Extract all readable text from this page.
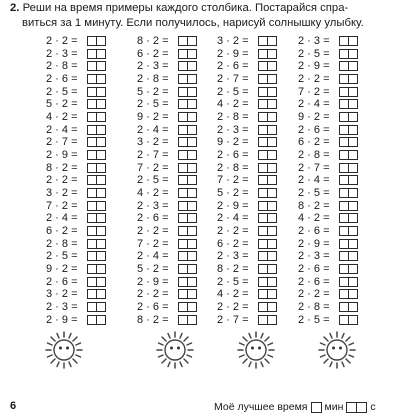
2. Реши на время примеры каждого столбика. Постарайся спра-
виться за 1 минуту. Если получилось, нарисуй солнышку улыбку.
2 · 2 =
2 · 3 =
2 · 8 =
2 · 6 =
2 · 5 =
5 · 2 =
4 · 2 =
2 · 4 =
2 · 7 =
2 · 9 =
8 · 2 =
2 · 2 =
3 · 2 =
7 · 2 =
2 · 4 =
6 · 2 =
2 · 8 =
2 · 5 =
9 · 2 =
2 · 6 =
3 · 2 =
2 · 3 =
2 · 9 =
8 · 2 =
6 · 2 =
2 · 3 =
2 · 8 =
5 · 2 =
2 · 5 =
9 · 2 =
2 · 4 =
3 · 2 =
2 · 7 =
7 · 2 =
2 · 5 =
4 · 2 =
2 · 3 =
2 · 6 =
2 · 2 =
7 · 2 =
2 · 4 =
5 · 2 =
2 · 9 =
2 · 2 =
2 · 6 =
8 · 2 =
3 · 2 =
2 · 9 =
2 · 6 =
2 · 7 =
2 · 5 =
4 · 2 =
2 · 8 =
2 · 3 =
9 · 2 =
2 · 6 =
2 · 8 =
7 · 2 =
5 · 2 =
2 · 9 =
2 · 4 =
2 · 2 =
6 · 2 =
2 · 3 =
8 · 2 =
2 · 5 =
4 · 2 =
2 · 2 =
2 · 7 =
2 · 3 =
2 · 5 =
2 · 9 =
2 · 2 =
7 · 2 =
2 · 4 =
9 · 2 =
2 · 6 =
6 · 2 =
2 · 8 =
2 · 7 =
2 · 4 =
2 · 5 =
8 · 2 =
4 · 2 =
2 · 6 =
2 · 9 =
2 · 3 =
2 · 6 =
2 · 6 =
2 · 2 =
2 · 8 =
2 · 5 =
6	Моё лучшее время мин	с
